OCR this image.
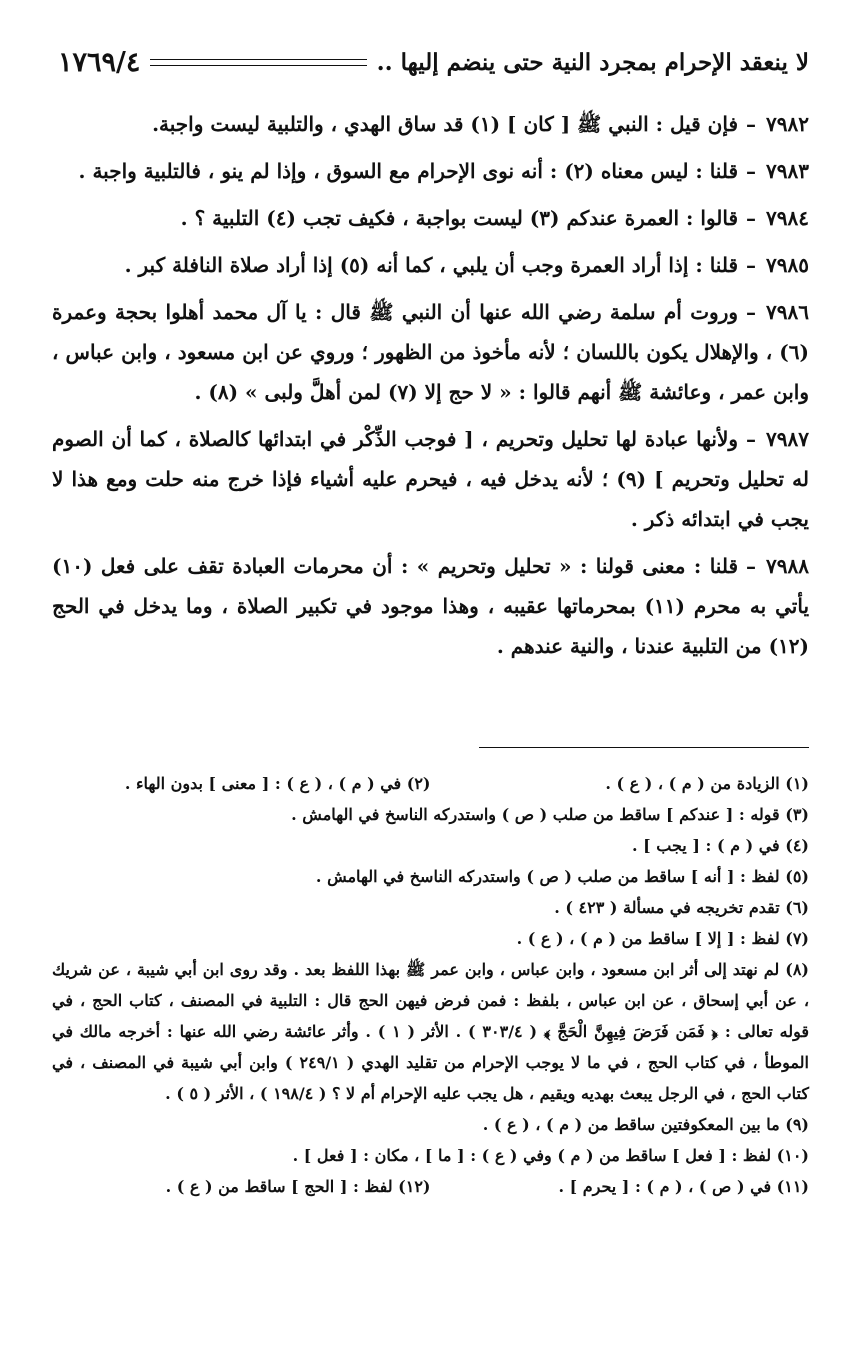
لا ينعقد الإحرام بمجرد النية حتى ينضم إليها ..
١٧٦٩/٤

٧٩٨٢–فإن قيل : النبي ﷺ [ كان ] (١) قد ساق الهدي ، والتلبية ليست واجبة.

٧٩٨٣–قلنا : ليس معناه (٢) : أنه نوى الإحرام مع السوق ، وإذا لم ينو ، فالتلبية واجبة .

٧٩٨٤–قالوا : العمرة عندكم (٣) ليست بواجبة ، فكيف تجب (٤) التلبية ؟ .

٧٩٨٥–قلنا : إذا أراد العمرة وجب أن يلبي ، كما أنه (٥) إذا أراد صلاة النافلة كبر .

٧٩٨٦–وروت أم سلمة رضي الله عنها أن النبي ﷺ قال : يا آل محمد أهلوا بحجة وعمرة (٦) ، والإهلال يكون باللسان ؛ لأنه مأخوذ من الظهور ؛ وروي عن ابن مسعود ، وابن عباس ، وابن عمر ، وعائشة ﷺ أنهم قالوا : « لا حج إلا (٧) لمن أهلَّ ولبى » (٨) .

٧٩٨٧–ولأنها عبادة لها تحليل وتحريم ، [ فوجب الذِّكْر في ابتدائها كالصلاة ، كما أن الصوم له تحليل وتحريم ] (٩) ؛ لأنه يدخل فيه ، فيحرم عليه أشياء فإذا خرج منه حلت ومع هذا لا يجب في ابتدائه ذكر .

٧٩٨٨–قلنا : معنى قولنا : « تحليل وتحريم » : أن محرمات العبادة تقف على فعل (١٠) يأتي به محرم (١١) بمحرماتها عقيبه ، وهذا موجود في تكبير الصلاة ، وما يدخل في الحج (١٢) من التلبية عندنا ، والنية عندهم .

(١) الزيادة من ( م ) ، ( ع ) .

(٢) في ( م ) ، ( ع ) : [ معنى ] بدون الهاء .

(٣) قوله : [ عندكم ] ساقط من صلب ( ص ) واستدركه الناسخ في الهامش .

(٤) في ( م ) : [ يجب ] .

(٥) لفظ : [ أنه ] ساقط من صلب ( ص ) واستدركه الناسخ في الهامش .

(٦) تقدم تخريجه في مسألة ( ٤٢٣ ) .

(٧) لفظ : [ إلا ] ساقط من ( م ) ، ( ع ) .

(٨) لم نهتد إلى أثر ابن مسعود ، وابن عباس ، وابن عمر ﷺ بهذا اللفظ بعد . وقد روى ابن أبي شيبة ، عن شريك ، عن أبي إسحاق ، عن ابن عباس ، بلفظ : فمن فرض فيهن الحج قال : التلبية في المصنف ، كتاب الحج ، في قوله تعالى : ﴿ فَمَن فَرَضَ فِيهِنَّ الْحَجَّ ﴾ ( ٣٠٣/٤ ) . الأثر ( ١ ) . وأثر عائشة رضي الله عنها : أخرجه مالك في الموطأ ، في كتاب الحج ، في ما لا يوجب الإحرام من تقليد الهدي ( ٢٤٩/١ ) وابن أبي شيبة في المصنف ، في كتاب الحج ، في الرجل يبعث بهديه ويقيم ، هل يجب عليه الإحرام أم لا ؟ ( ١٩٨/٤ ) ، الأثر ( ٥ ) .

(٩) ما بين المعكوفتين ساقط من ( م ) ، ( ع ) .

(١٠) لفظ : [ فعل ] ساقط من ( م ) وفي ( ع ) : [ ما ] ، مكان : [ فعل ] .

(١١) في ( ص ) ، ( م ) : [ يحرم ] .

(١٢) لفظ : [ الحج ] ساقط من ( ع ) .
